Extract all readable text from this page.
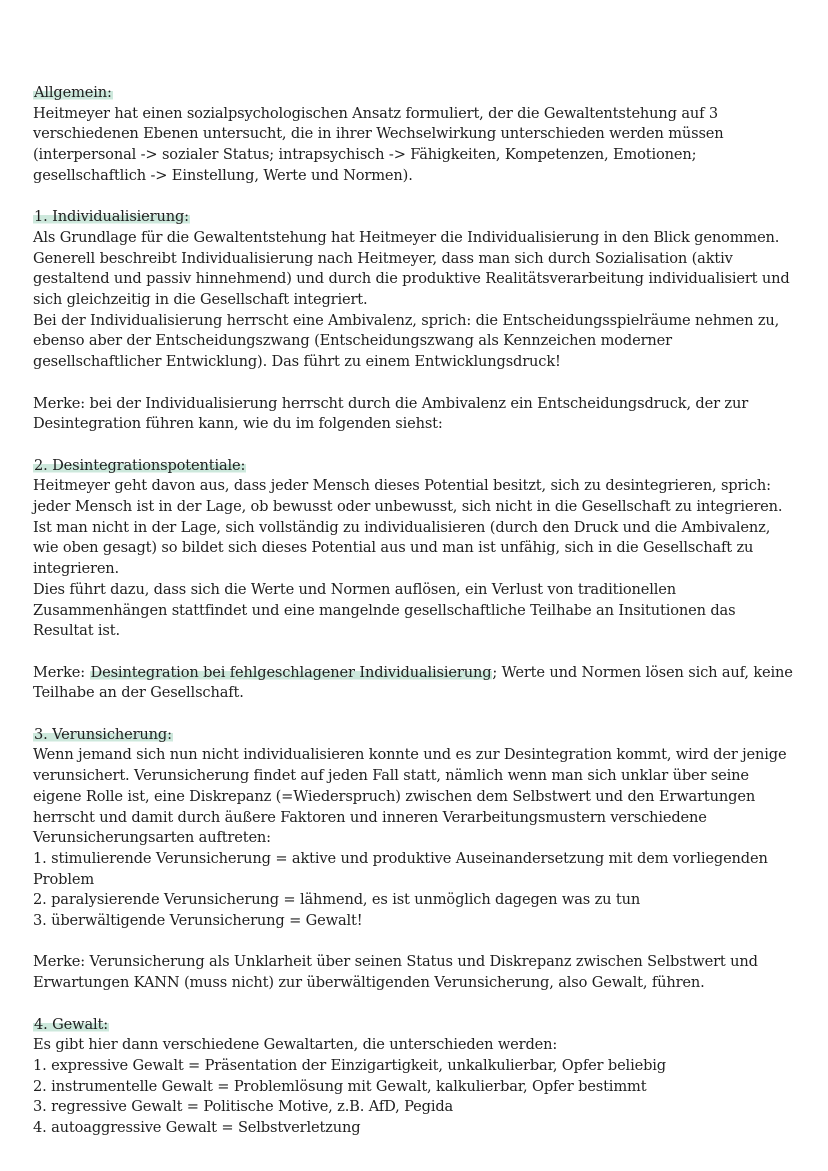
Allgemein:

Heitmeyer hat einen sozialpsychologischen Ansatz formuliert, der die Gewaltentstehung auf 3 verschiedenen Ebenen untersucht, die in ihrer Wechselwirkung unterschieden werden müssen (interpersonal -> sozialer Status; intrapsychisch -> Fähigkeiten, Kompetenzen, Emotionen; gesellschaftlich -> Einstellung, Werte und Normen).

1. Individualisierung:

Als Grundlage für die Gewaltentstehung hat Heitmeyer die Individualisierung in den Blick genommen. Generell beschreibt Individualisierung nach Heitmeyer, dass man sich durch Sozialisation (aktiv gestaltend und passiv hinnehmend) und durch die produktive Realitätsverarbeitung individualisiert und sich gleichzeitig in die Gesellschaft integriert.

Bei der Individualisierung herrscht eine Ambivalenz, sprich: die Entscheidungsspielräume nehmen zu, ebenso aber der Entscheidungszwang (Entscheidungszwang als Kennzeichen moderner gesellschaftlicher Entwicklung). Das führt zu einem Entwicklungsdruck!

Merke: bei der Individualisierung herrscht durch die Ambivalenz ein Entscheidungsdruck, der zur Desintegration führen kann, wie du im folgenden siehst:

2. Desintegrationspotentiale:

Heitmeyer geht davon aus, dass jeder Mensch dieses Potential besitzt, sich zu desintegrieren, sprich: jeder Mensch ist in der Lage, ob bewusst oder unbewusst, sich nicht in die Gesellschaft zu integrieren.

Ist man nicht in der Lage, sich vollständig zu individualisieren (durch den Druck und die Ambivalenz, wie oben gesagt) so bildet sich dieses Potential aus und man ist unfähig, sich in die Gesellschaft zu integrieren.

Dies führt dazu, dass sich die Werte und Normen auflösen, ein Verlust von traditionellen Zusammenhängen stattfindet und eine mangelnde gesellschaftliche Teilhabe an Insitutionen das Resultat ist.

Merke: Desintegration bei fehlgeschlagener Individualisierung; Werte und Normen lösen sich auf, keine Teilhabe an der Gesellschaft.

3. Verunsicherung:

Wenn jemand sich nun nicht individualisieren konnte und es zur Desintegration kommt, wird der jenige verunsichert. Verunsicherung findet auf jeden Fall statt, nämlich wenn man sich unklar über seine eigene Rolle ist, eine Diskrepanz (=Wiederspruch) zwischen dem Selbstwert und den Erwartungen herrscht und damit durch äußere Faktoren und inneren Verarbeitungsmustern verschiedene Verunsicherungsarten auftreten:

1. stimulierende Verunsicherung = aktive und produktive Auseinandersetzung mit dem vorliegenden Problem
2. paralysierende Verunsicherung = lähmend, es ist unmöglich dagegen was zu tun
3. überwältigende Verunsicherung = Gewalt!

Merke: Verunsicherung als Unklarheit über seinen Status und Diskrepanz zwischen Selbstwert und Erwartungen KANN (muss nicht) zur überwältigenden Verunsicherung, also Gewalt, führen.

4. Gewalt:

Es gibt hier dann verschiedene Gewaltarten, die unterschieden werden:

1. expressive Gewalt = Präsentation der Einzigartigkeit, unkalkulierbar, Opfer beliebig
2. instrumentelle Gewalt = Problemlösung mit Gewalt, kalkulierbar, Opfer bestimmt
3. regressive Gewalt = Politische Motive, z.B. AfD, Pegida
4. autoaggressive Gewalt = Selbstverletzung
